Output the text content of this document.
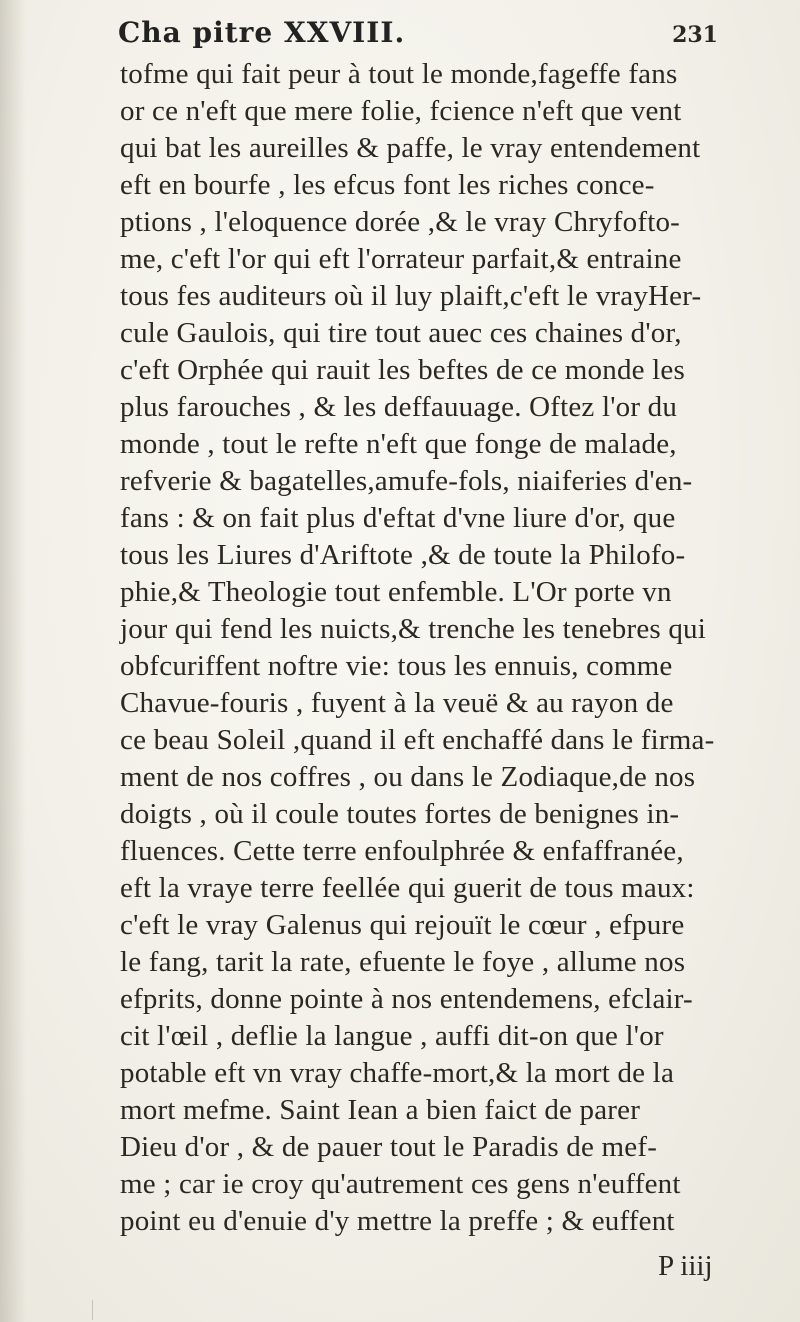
Cha pitre XXVIII.	231
tofme qui fait peur à tout le monde,fageffe fans
or ce n'eft que mere folie, fcience n'eft que vent
qui bat les aureilles & paffe, le vray entendement
eft en bourfe , les efcus font les riches conce-
ptions , l'eloquence dorée ,& le vray Chryfofto-
me, c'eft l'or qui eft l'orrateur parfait,& entraine
tous fes auditeurs où il luy plaift,c'eft le vrayHer-
cule Gaulois, qui tire tout auec ces chaines d'or,
c'eft Orphée qui rauit les beftes de ce monde les
plus farouches , & les deffauuage. Oftez l'or du
monde , tout le refte n'eft que fonge de malade,
refverie & bagatelles,amufe-fols, niaiferies d'en-
fans : & on fait plus d'eftat d'vne liure d'or, que
tous les Liures d'Ariftote ,& de toute la Philofo-
phie,& Theologie tout enfemble. L'Or porte vn
jour qui fend les nuicts,& trenche les tenebres qui
obfcuriffent noftre vie: tous les ennuis, comme
Chavue-fouris , fuyent à la veuë & au rayon de
ce beau Soleil ,quand il eft enchaffé dans le firma-
ment de nos coffres , ou dans le Zodiaque,de nos
doigts , où il coule toutes fortes de benignes in-
fluences. Cette terre enfoulphrée & enfaffranée,
eft la vraye terre feellée qui guerit de tous maux:
c'eft le vray Galenus qui rejouït le cœur , efpure
le fang, tarit la rate, efuente le foye , allume nos
efprits, donne pointe à nos entendemens, efclair-
cit l'œil , deflie la langue , auffi dit-on que l'or
potable eft vn vray chaffe-mort,& la mort de la
mort mefme. Saint Iean a bien faict de parer
Dieu d'or , & de pauer tout le Paradis de mef-
me ; car ie croy qu'autrement ces gens n'euffent
point eu d'enuie d'y mettre la preffe ; & euffent
P iiij
